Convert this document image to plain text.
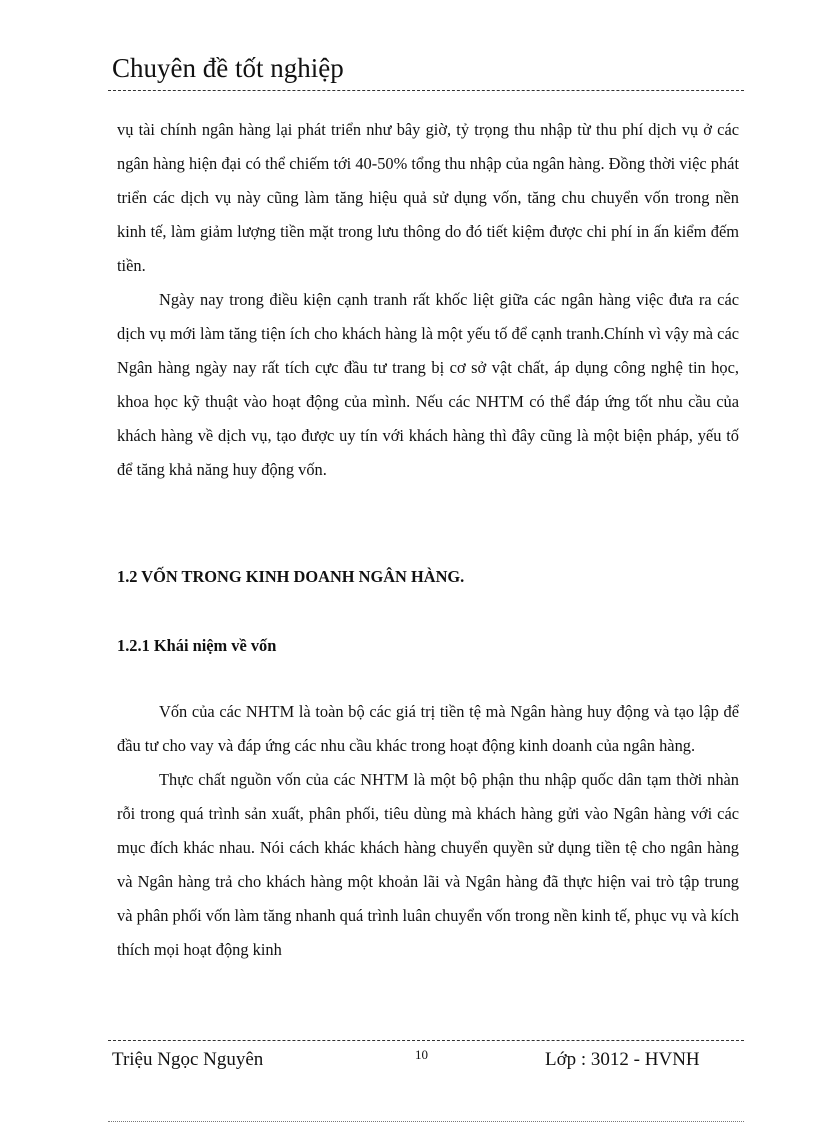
Chuyên đề tốt nghiệp

vụ tài chính ngân hàng lại phát triển như bây giờ, tỷ trọng thu nhập từ thu phí dịch vụ ở các ngân hàng hiện đại có thể chiếm tới 40-50% tổng thu nhập của ngân hàng. Đồng thời việc phát triển các dịch vụ này cũng làm tăng hiệu quả sử dụng vốn, tăng chu chuyển vốn trong nền kinh tế, làm giảm lượng tiền mặt trong lưu thông do đó tiết kiệm được chi phí in ấn kiểm đếm tiền.

Ngày nay trong điều kiện cạnh tranh rất khốc liệt giữa các ngân hàng việc đưa ra các dịch vụ mới làm tăng tiện ích cho khách hàng là một yếu tố để cạnh tranh.Chính vì vậy mà các Ngân hàng ngày nay rất tích cực đầu tư trang bị cơ sở vật chất, áp dụng công nghệ tin học, khoa học kỹ thuật vào hoạt động của mình. Nếu các NHTM có thể đáp ứng tốt nhu cầu của khách hàng về dịch vụ, tạo được uy tín với khách hàng thì đây cũng là một biện pháp, yếu tố để tăng khả năng huy động vốn.

1.2 VỐN TRONG KINH DOANH NGÂN HÀNG.
1.2.1 Khái niệm về vốn

Vốn của các NHTM là toàn bộ các giá trị tiền tệ mà Ngân hàng huy động và tạo lập để đầu tư cho vay và đáp ứng các nhu cầu khác trong hoạt động kinh doanh của ngân hàng.

Thực chất nguồn vốn của các NHTM là một bộ phận thu nhập quốc dân tạm thời nhàn rỗi trong quá trình sản xuất, phân phối, tiêu dùng mà khách hàng gửi vào Ngân hàng với các mục đích khác nhau. Nói cách khác khách hàng chuyển quyền sử dụng tiền tệ cho ngân hàng và Ngân hàng trả cho khách hàng một khoản lãi và Ngân hàng đã thực hiện vai trò tập trung và phân phối vốn làm tăng nhanh quá trình luân chuyển vốn trong nền kinh tế, phục vụ và kích thích mọi hoạt động kinh

Triệu Ngọc Nguyên	10	Lớp : 3012 - HVNH
